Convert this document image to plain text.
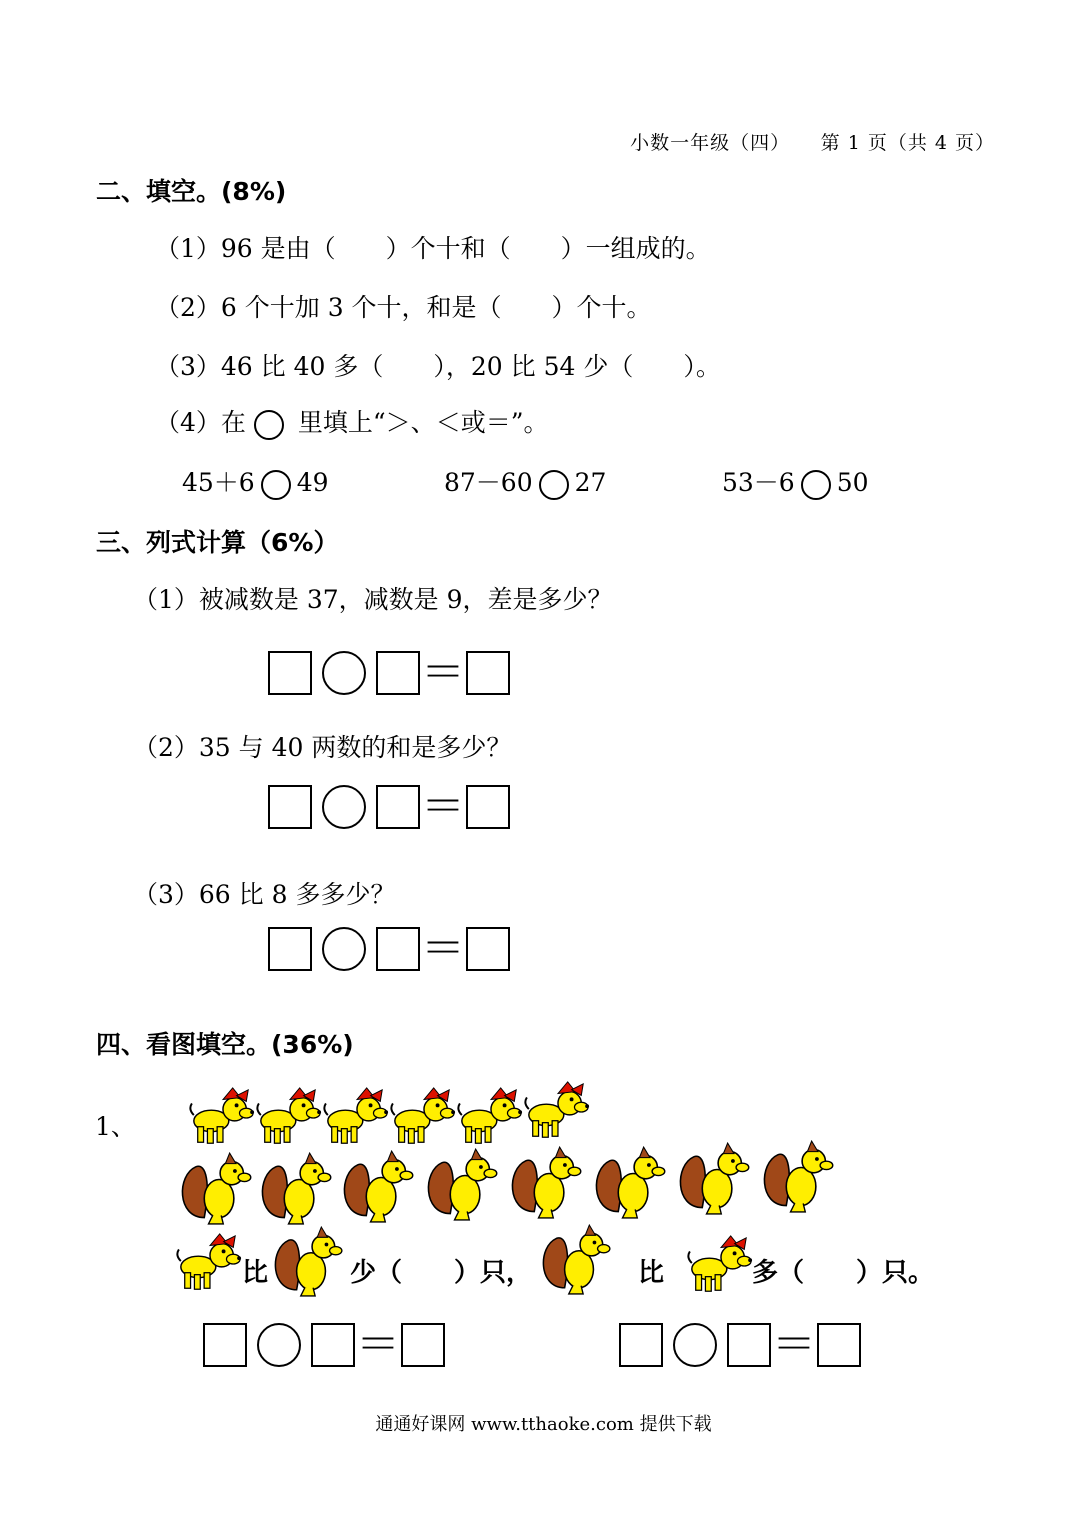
小数一年级（四）　　第 1 页（共 4 页）
二、填空。(8%)
（1）96 是由（　　）个十和（　　）一组成的。
（2）6 个十加 3 个十，和是（　　）个十。
（3）46 比 40 多（　　），20 比 54 少（　　）。
（4）在 里填上“＞、＜或＝”。
45＋6 49	87－60 27	53－6 50
三、列式计算（6%）
（1）被减数是 37，减数是 9，差是多少？
＝
（2）35 与 40 两数的和是多少？
＝
（3）66 比 8 多多少？
＝
四、看图填空。(36%)
1、
比	少（　　）只，	比	多（　　）只。
＝	＝
通通好课网 www.tthaoke.com 提供下载
